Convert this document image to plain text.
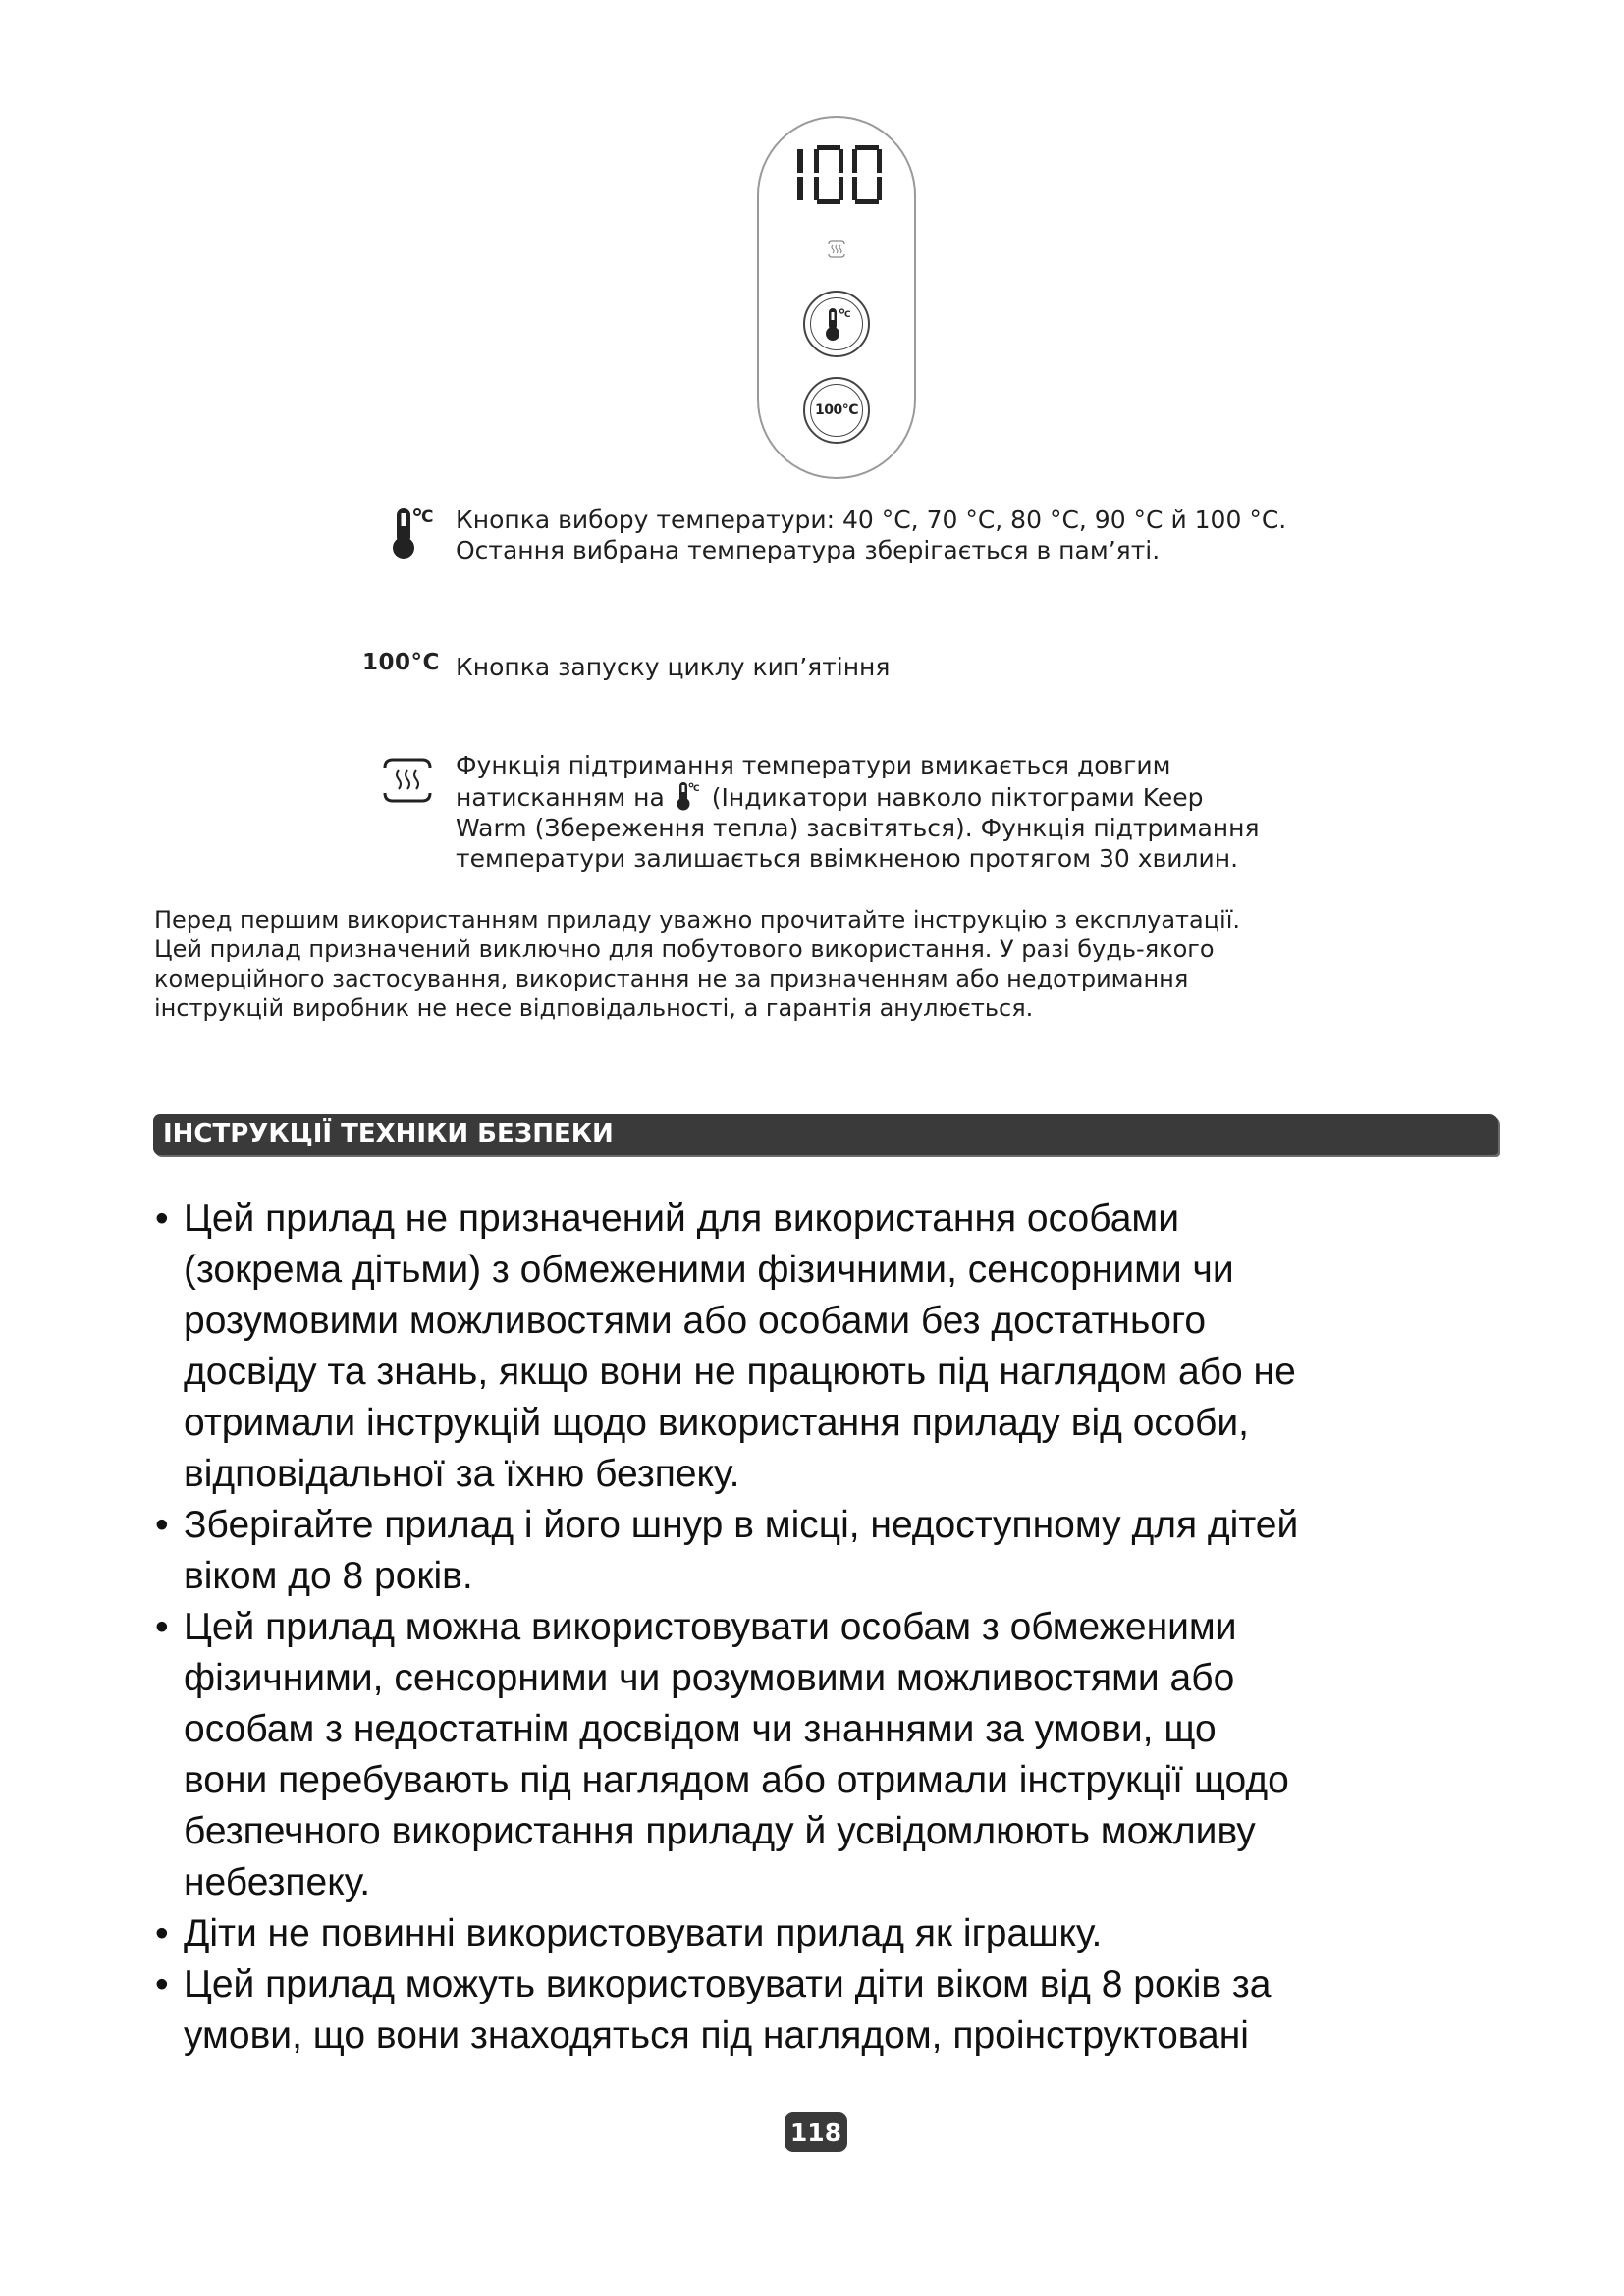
C
100°C
C Кнопка вибору температури: 40 °C, 70 °C, 80 °C, 90 °C й 100 °C.
Остання вибрана температура зберігається в пам’яті.
100°C Кнопка запуску циклу кип’ятіння
Функція підтримання температури вмикається довгим
натисканням на	C (Індикатори навколо піктограми Keep
Warm (Збереження тепла) засвітяться). Функція підтримання
температури залишається ввімкненою протягом 30 хвилин.
Перед першим використанням приладу уважно прочитайте інструкцію з експлуатації.
Цей прилад призначений виключно для побутового використання. У разі будь-якого
комерційного застосування, використання не за призначенням або недотримання
інструкцій виробник не несе відповідальності, а гарантія анулюється.
ІНСТРУКЦІЇ ТЕХНІКИ БЕЗПЕКИ
• Цей прилад не призначений для використання особами
(зокрема дітьми) з обмеженими фізичними, сенсорними чи
розумовими можливостями або особами без достатнього
досвіду та знань, якщо вони не працюють під наглядом або не
отримали інструкцій щодо використання приладу від особи,
відповідальної за їхню безпеку.
• Зберігайте прилад і його шнур в місці, недоступному для дітей
віком до 8 років.
• Цей прилад можна використовувати особам з обмеженими
фізичними, сенсорними чи розумовими можливостями або
особам з недостатнім досвідом чи знаннями за умови, що
вони перебувають під наглядом або отримали інструкції щодо
безпечного використання приладу й усвідомлюють можливу
небезпеку.
• Діти не повинні використовувати прилад як іграшку.
• Цей прилад можуть використовувати діти віком від 8 років за
умови, що вони знаходяться під наглядом, проінструктовані
118
